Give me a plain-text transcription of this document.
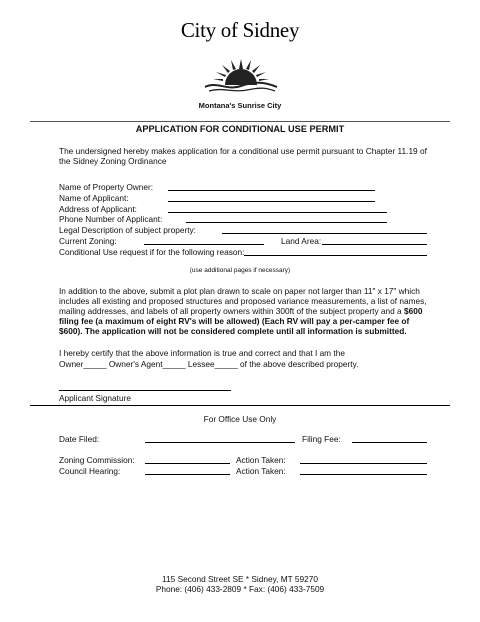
City of Sidney
Montana's Sunrise City
APPLICATION FOR CONDITIONAL USE PERMIT
The undersigned hereby makes application for a conditional use permit pursuant to Chapter 11.19 of the Sidney Zoning Ordinance
Name of Property Owner:
Name of Applicant:
Address of Applicant:
Phone Number of Applicant:
Legal Description of subject property:
Current Zoning:	Land Area:
Conditional Use request if for the following reason:
(use additional pages if necessary)
In addition to the above, submit a plot plan drawn to scale on paper not larger than 11" x 17" which includes all existing and proposed structures and proposed variance measurements, a list of names, mailing addresses, and labels of all property owners within 300ft of the subject property and a $600 filing fee (a maximum of eight RV's will be allowed) (Each RV will pay a per-camper fee of $600). The application will not be considered complete until all information is submitted.
I hereby certify that the above information is true and correct and that I am the
Owner_____ Owner's Agent_____ Lessee_____ of the above described property.
Applicant Signature
For Office Use Only
Date Filed:	Filing Fee:
Zoning Commission:	Action Taken:
Council Hearing:	Action Taken:
115 Second Street SE * Sidney, MT 59270
Phone: (406) 433-2809 * Fax: (406) 433-7509
